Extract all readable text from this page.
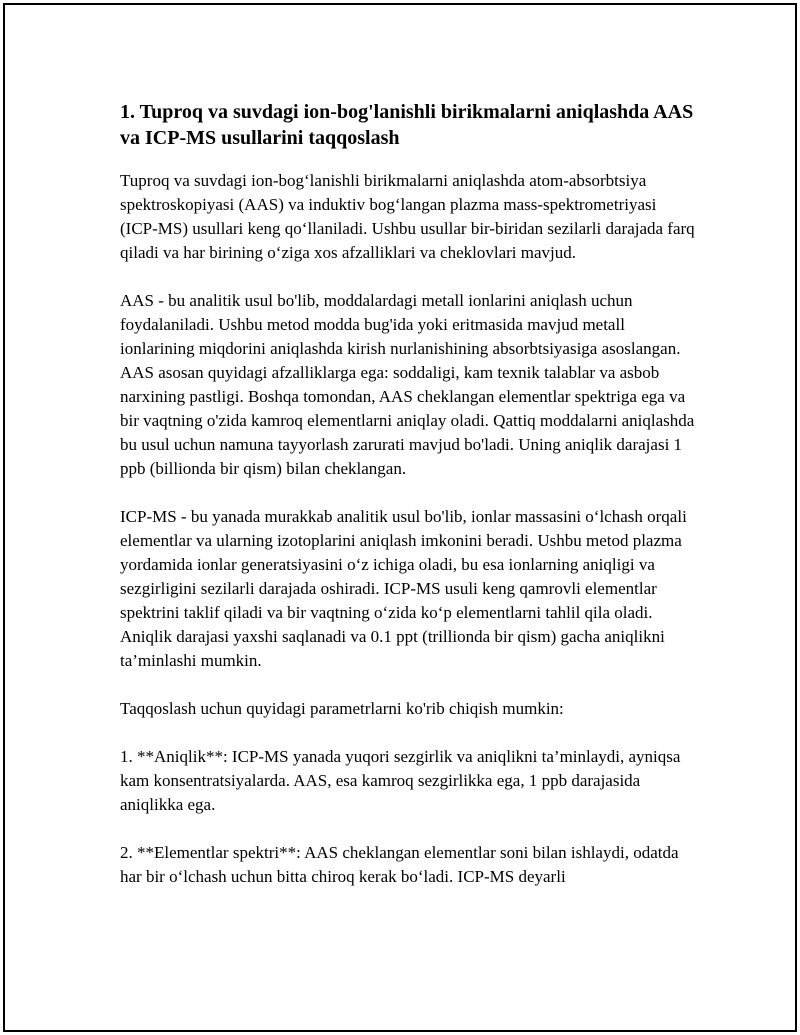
1. Tuproq va suvdagi ion-bog'lanishli birikmalarni aniqlashda AAS va ICP-MS usullarini taqqoslash

Tuproq va suvdagi ion-bog‘lanishli birikmalarni aniqlashda atom-absorbtsiya spektroskopiyasi (AAS) va induktiv bog‘langan plazma mass-spektrometriyasi (ICP-MS) usullari keng qo‘llaniladi. Ushbu usullar bir-biridan sezilarli darajada farq qiladi va har birining o‘ziga xos afzalliklari va cheklovlari mavjud.

AAS - bu analitik usul bo'lib, moddalardagi metall ionlarini aniqlash uchun foydalaniladi. Ushbu metod modda bug'ida yoki eritmasida mavjud metall ionlarining miqdorini aniqlashda kirish nurlanishining absorbtsiyasiga asoslangan. AAS asosan quyidagi afzalliklarga ega: soddaligi, kam texnik talablar va asbob narxining pastligi. Boshqa tomondan, AAS cheklangan elementlar spektriga ega va bir vaqtning o'zida kamroq elementlarni aniqlay oladi. Qattiq moddalarni aniqlashda bu usul uchun namuna tayyorlash zarurati mavjud bo'ladi. Uning aniqlik darajasi 1 ppb (billionda bir qism) bilan cheklangan.

ICP-MS - bu yanada murakkab analitik usul bo'lib, ionlar massasini o‘lchash orqali elementlar va ularning izotoplarini aniqlash imkonini beradi. Ushbu metod plazma yordamida ionlar generatsiyasini o‘z ichiga oladi, bu esa ionlarning aniqligi va sezgirligini sezilarli darajada oshiradi. ICP-MS usuli keng qamrovli elementlar spektrini taklif qiladi va bir vaqtning o‘zida ko‘p elementlarni tahlil qila oladi. Aniqlik darajasi yaxshi saqlanadi va 0.1 ppt (trillionda bir qism) gacha aniqlikni ta’minlashi mumkin.

Taqqoslash uchun quyidagi parametrlarni ko'rib chiqish mumkin:

1. **Aniqlik**: ICP-MS yanada yuqori sezgirlik va aniqlikni ta’minlaydi, ayniqsa kam konsentratsiyalarda. AAS, esa kamroq sezgirlikka ega, 1 ppb darajasida aniqlikka ega.

2. **Elementlar spektri**: AAS cheklangan elementlar soni bilan ishlaydi, odatda har bir o‘lchash uchun bitta chiroq kerak bo‘ladi. ICP-MS deyarli
